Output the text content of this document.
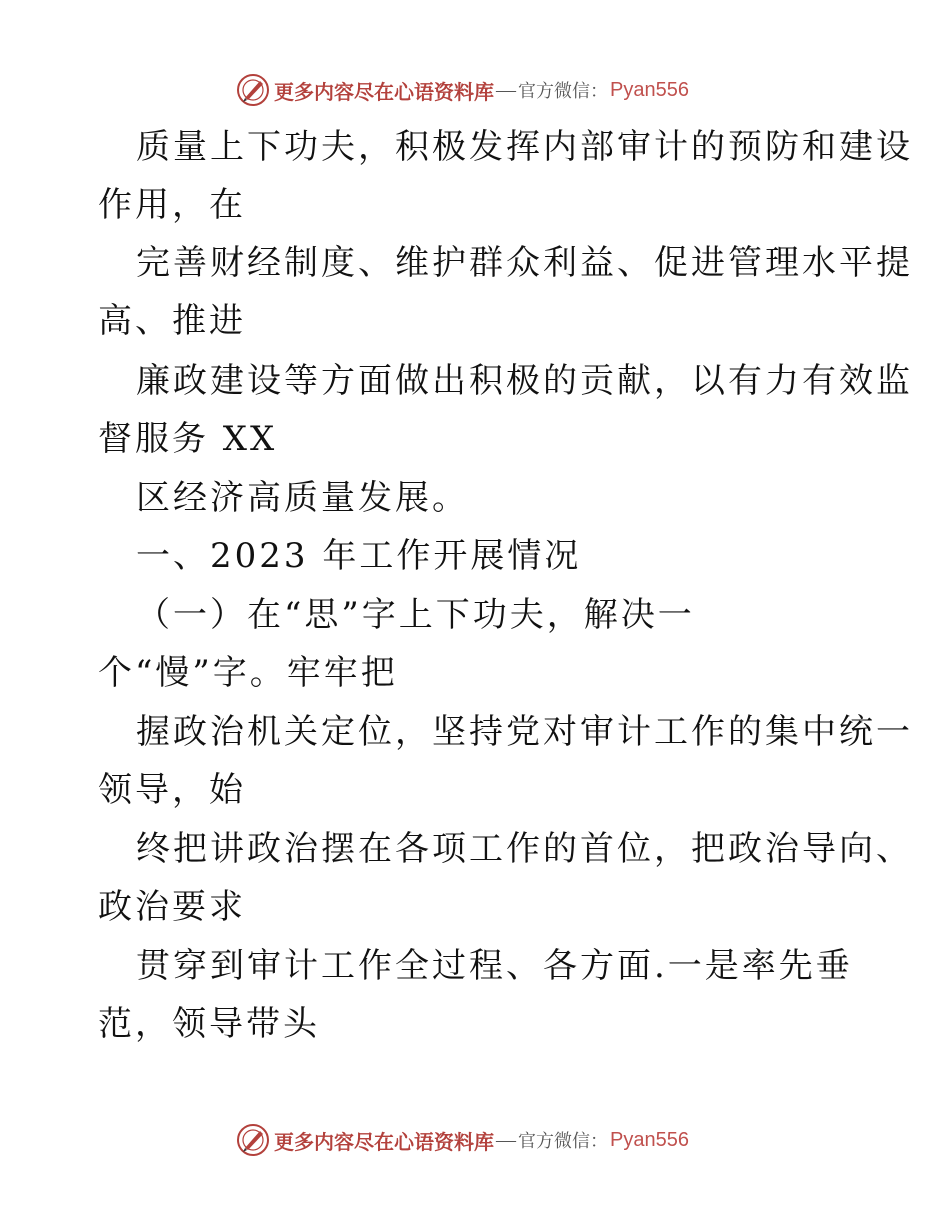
更多内容尽在心语资料库 — 官方微信： Pyan556
质量上下功夫，积极发挥内部审计的预防和建设
作用，在
完善财经制度、维护群众利益、促进管理水平提
高、推进
廉政建设等方面做出积极的贡献，以有力有效监
督服务 XX
区经济高质量发展。
一、2023 年工作开展情况
（一）在“思”字上下功夫，解决一
个“慢”字。牢牢把
握政治机关定位，坚持党对审计工作的集中统一
领导，始
终把讲政治摆在各项工作的首位，把政治导向、
政治要求
贯穿到审计工作全过程、各方面.一是率先垂
范，领导带头
更多内容尽在心语资料库 — 官方微信： Pyan556
